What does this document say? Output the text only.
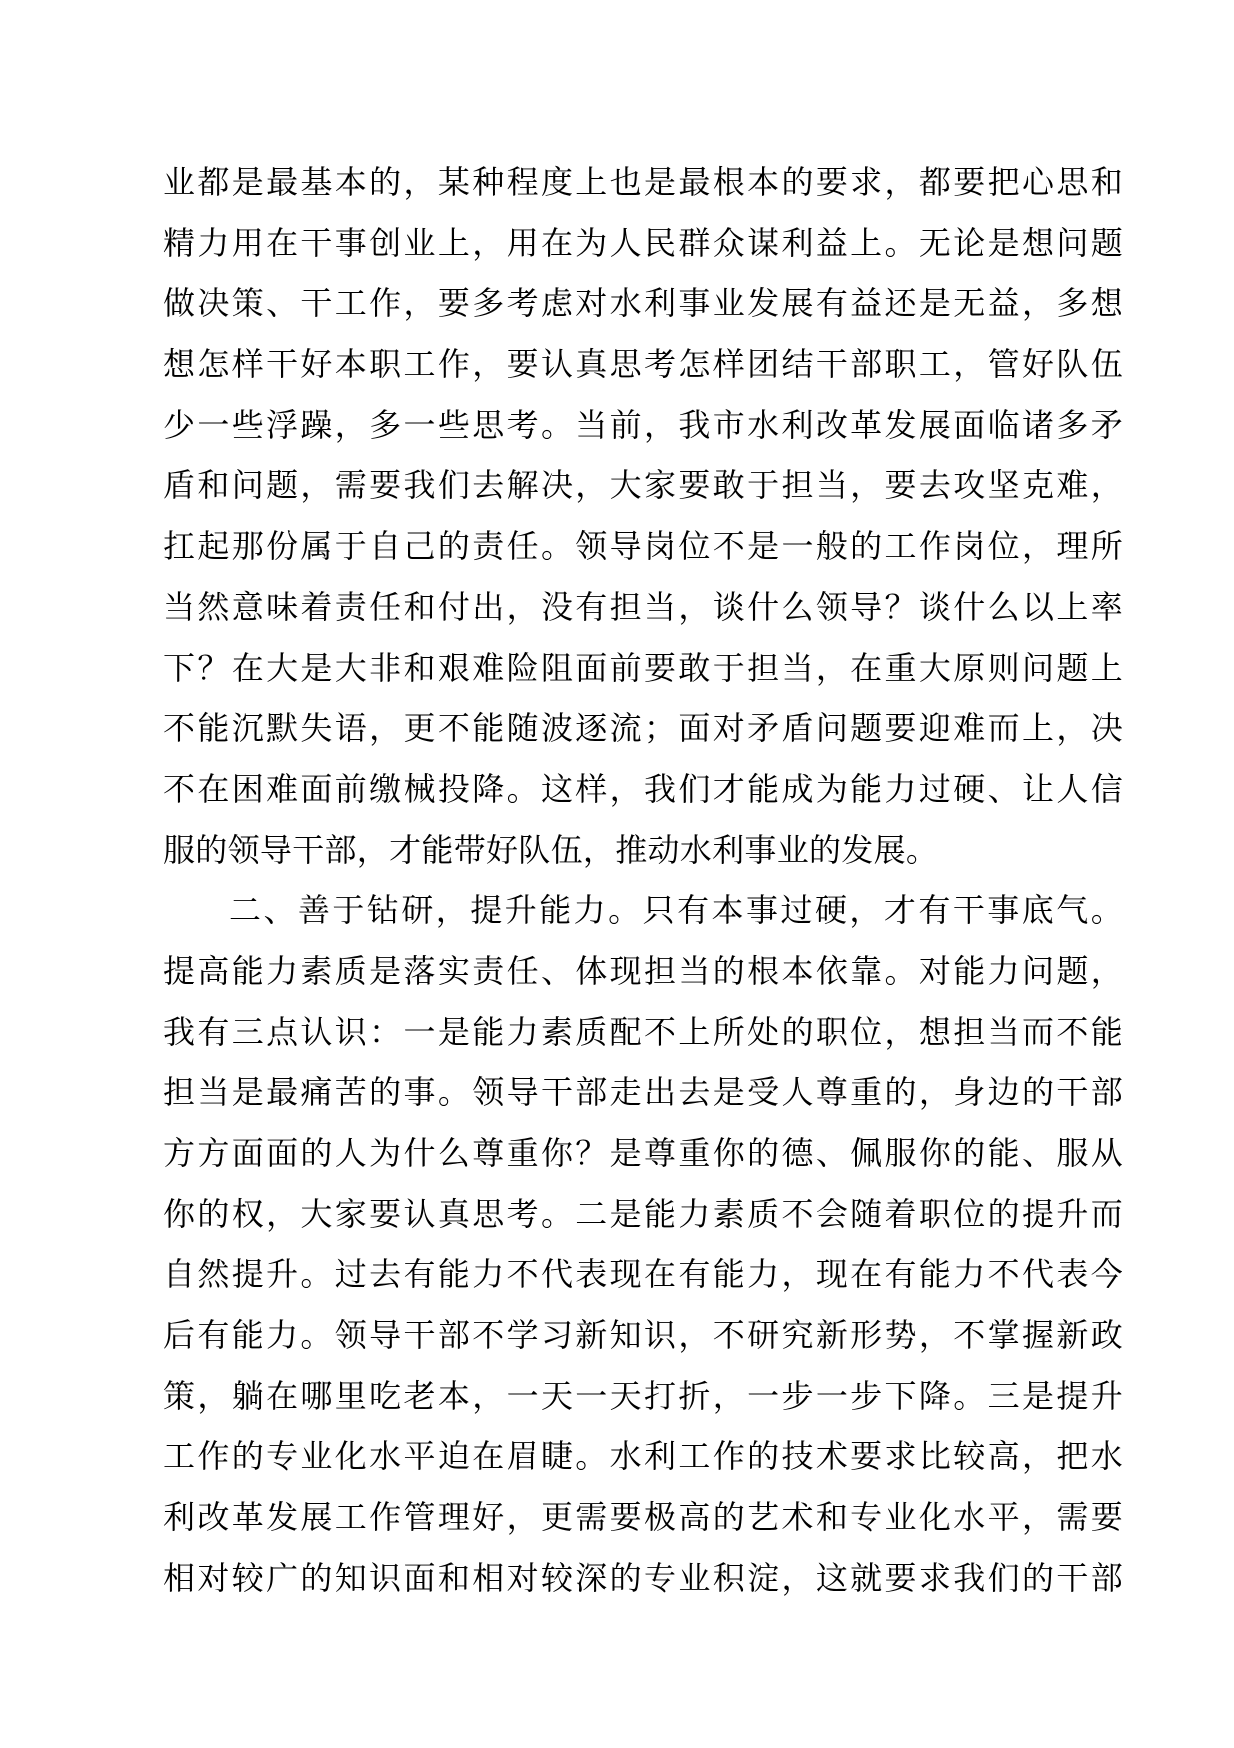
业都是最基本的，某种程度上也是最根本的要求，都要把心思和
精力用在干事创业上，用在为人民群众谋利益上。无论是想问题
做决策、干工作，要多考虑对水利事业发展有益还是无益，多想
想怎样干好本职工作，要认真思考怎样团结干部职工，管好队伍
少一些浮躁，多一些思考。当前，我市水利改革发展面临诸多矛
盾和问题，需要我们去解决，大家要敢于担当，要去攻坚克难，
扛起那份属于自己的责任。领导岗位不是一般的工作岗位，理所
当然意味着责任和付出，没有担当，谈什么领导？谈什么以上率
下？在大是大非和艰难险阻面前要敢于担当，在重大原则问题上
不能沉默失语，更不能随波逐流；面对矛盾问题要迎难而上，决
不在困难面前缴械投降。这样，我们才能成为能力过硬、让人信
服的领导干部，才能带好队伍，推动水利事业的发展。
二、善于钻研，提升能力。只有本事过硬，才有干事底气。
提高能力素质是落实责任、体现担当的根本依靠。对能力问题，
我有三点认识：一是能力素质配不上所处的职位，想担当而不能
担当是最痛苦的事。领导干部走出去是受人尊重的，身边的干部
方方面面的人为什么尊重你？是尊重你的德、佩服你的能、服从
你的权，大家要认真思考。二是能力素质不会随着职位的提升而
自然提升。过去有能力不代表现在有能力，现在有能力不代表今
后有能力。领导干部不学习新知识，不研究新形势，不掌握新政
策，躺在哪里吃老本，一天一天打折，一步一步下降。三是提升
工作的专业化水平迫在眉睫。水利工作的技术要求比较高，把水
利改革发展工作管理好，更需要极高的艺术和专业化水平，需要
相对较广的知识面和相对较深的专业积淀，这就要求我们的干部
